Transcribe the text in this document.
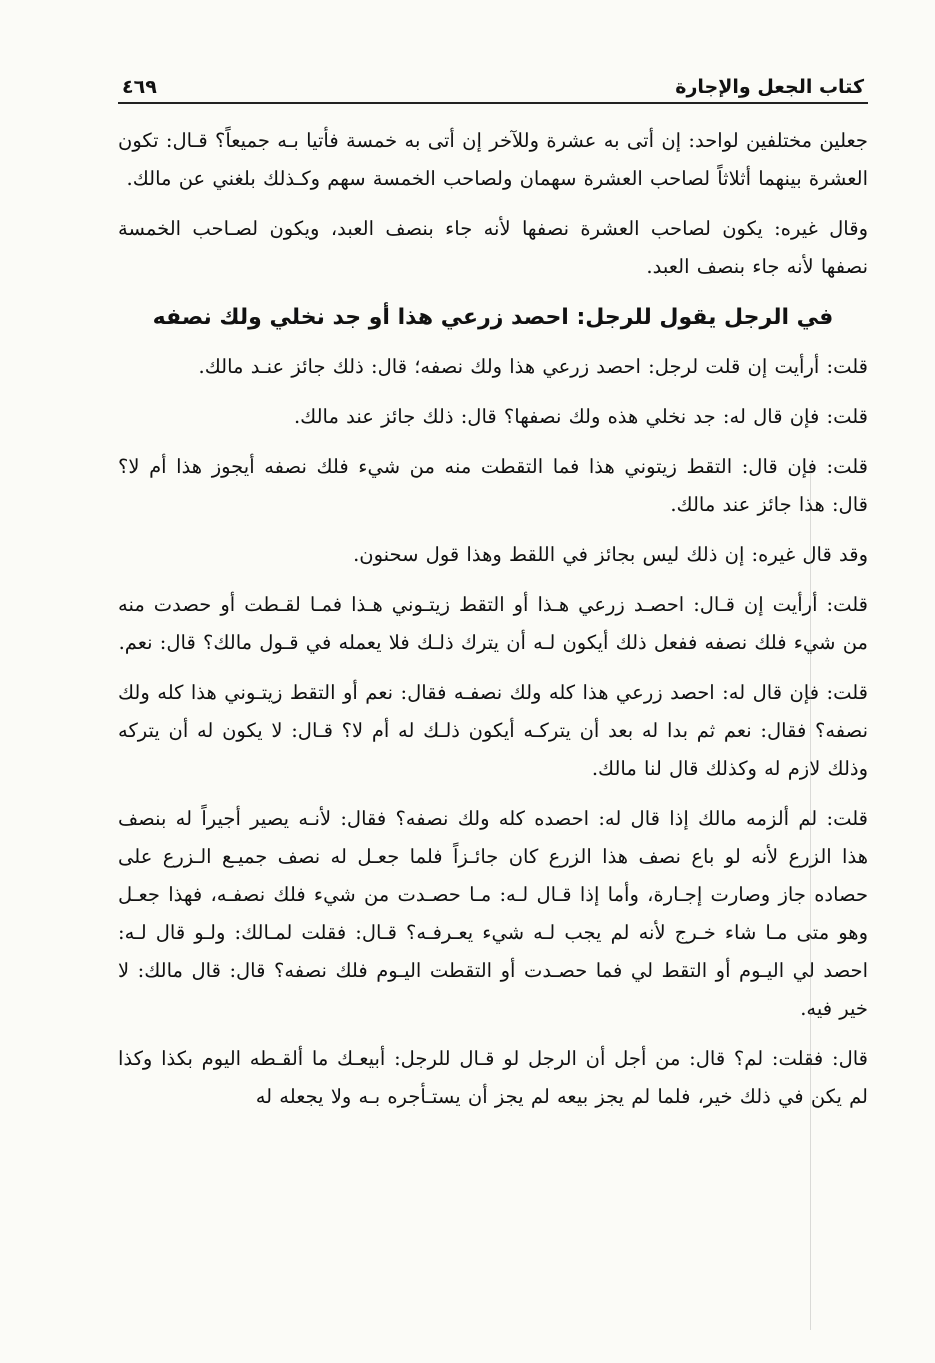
كتاب الجعل والإجارة
٤٦٩

جعلين مختلفين لواحد: إن أتى به عشرة وللآخر إن أتى به خمسة فأتيا بـه جميعاً؟ قـال: تكون العشرة بينهما أثلاثاً لصاحب العشرة سهمان ولصاحب الخمسة سهم وكـذلك بلغني عن مالك.

وقال غيره: يكون لصاحب العشرة نصفها لأنه جاء بنصف العبد، ويكون لصـاحب الخمسة نصفها لأنه جاء بنصف العبد.

في الرجل يقول للرجل: احصد زرعي هذا أو جد نخلي ولك نصفه

قلت: أرأيت إن قلت لرجل: احصد زرعي هذا ولك نصفه؛ قال: ذلك جائز عنـد مالك.

قلت: فإن قال له: جد نخلي هذه ولك نصفها؟ قال: ذلك جائز عند مالك.

قلت: فإن قال: التقط زيتوني هذا فما التقطت منه من شيء فلك نصفه أيجوز هذا أم لا؟ قال: هذا جائز عند مالك.

وقد قال غيره: إن ذلك ليس بجائز في اللقط وهذا قول سحنون.

قلت: أرأيت إن قـال: احصـد زرعي هـذا أو التقط زيتـوني هـذا فمـا لقـطت أو حصدت منه من شيء فلك نصفه ففعل ذلك أيكون لـه أن يترك ذلـك فلا يعمله في قـول مالك؟ قال: نعم.

قلت: فإن قال له: احصد زرعي هذا كله ولك نصفـه فقال: نعم أو التقط زيتـوني هذا كله ولك نصفه؟ فقال: نعم ثم بدا له بعد أن يتركـه أيكون ذلـك له أم لا؟ قـال: لا يكون له أن يتركه وذلك لازم له وكذلك قال لنا مالك.

قلت: لم ألزمه مالك إذا قال له: احصده كله ولك نصفه؟ فقال: لأنـه يصير أجيراً له بنصف هذا الزرع لأنه لو باع نصف هذا الزرع كان جائـزاً فلما جعـل له نصف جميـع الـزرع على حصاده جاز وصارت إجـارة، وأما إذا قـال لـه: مـا حصـدت من شيء فلك نصفـه، فهذا جعـل وهو متى مـا شاء خـرج لأنه لم يجب لـه شيء يعـرفـه؟ قـال: فقلت لمـالك: ولـو قال لـه: احصد لي اليـوم أو التقط لي فما حصـدت أو التقطت اليـوم فلك نصفه؟ قال: قال مالك: لا خير فيه.

قال: فقلت: لم؟ قال: من أجل أن الرجل لو قـال للرجل: أبيعـك ما ألقـطه اليوم بكذا وكذا لم يكن في ذلك خير، فلما لم يجز بيعه لم يجز أن يستـأجره بـه ولا يجعله له
